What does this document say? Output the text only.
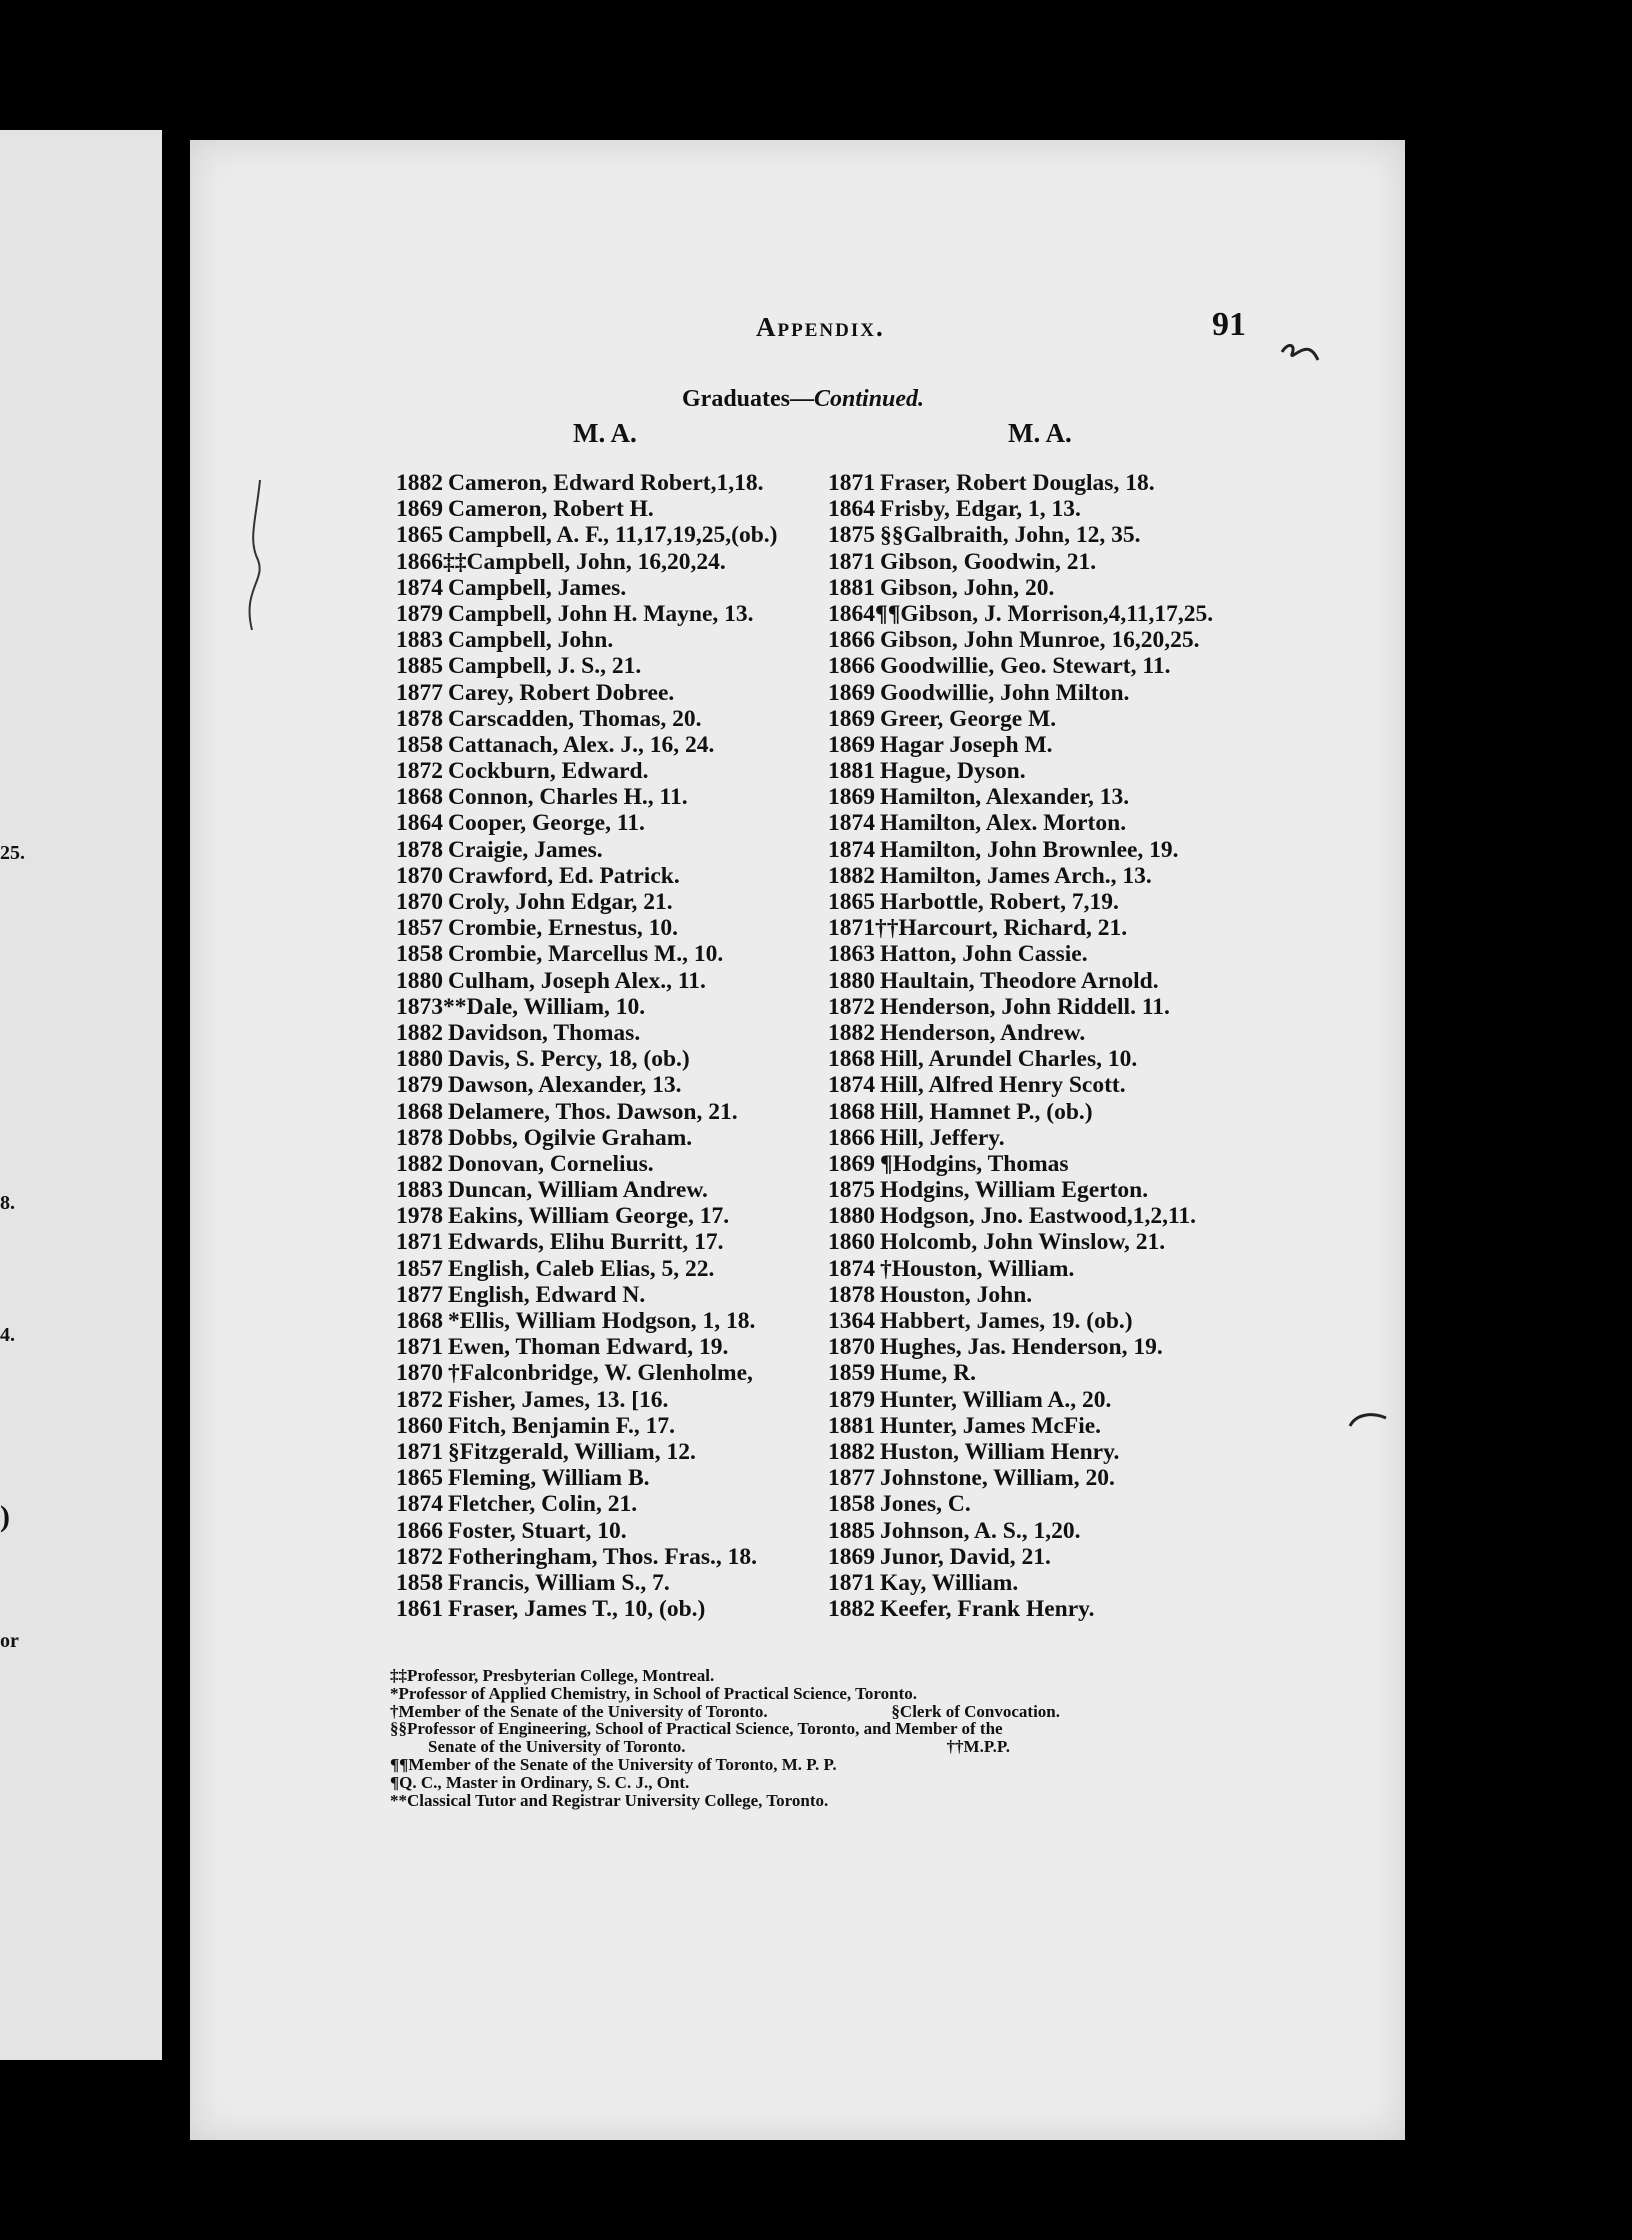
25.
8.
4.
)
or
Appendix.	91
Graduates—Continued.
M. A.	M. A.
1882 Cameron, Edward Robert,1,18.
1869 Cameron, Robert H.
1865 Campbell, A. F., 11,17,19,25,(ob.)
1866‡‡Campbell, John, 16,20,24.
1874 Campbell, James.
1879 Campbell, John H. Mayne, 13.
1883 Campbell, John.
1885 Campbell, J. S., 21.
1877 Carey, Robert Dobree.
1878 Carscadden, Thomas, 20.
1858 Cattanach, Alex. J., 16, 24.
1872 Cockburn, Edward.
1868 Connon, Charles H., 11.
1864 Cooper, George, 11.
1878 Craigie, James.
1870 Crawford, Ed. Patrick.
1870 Croly, John Edgar, 21.
1857 Crombie, Ernestus, 10.
1858 Crombie, Marcellus M., 10.
1880 Culham, Joseph Alex., 11.
1873**Dale, William, 10.
1882 Davidson, Thomas.
1880 Davis, S. Percy, 18, (ob.)
1879 Dawson, Alexander, 13.
1868 Delamere, Thos. Dawson, 21.
1878 Dobbs, Ogilvie Graham.
1882 Donovan, Cornelius.
1883 Duncan, William Andrew.
1978 Eakins, William George, 17.
1871 Edwards, Elihu Burritt, 17.
1857 English, Caleb Elias, 5, 22.
1877 English, Edward N.
1868 *Ellis, William Hodgson, 1, 18.
1871 Ewen, Thoman Edward, 19.
1870 †Falconbridge, W. Glenholme,
1872 Fisher, James, 13. [16.
1860 Fitch, Benjamin F., 17.
1871 §Fitzgerald, William, 12.
1865 Fleming, William B.
1874 Fletcher, Colin, 21.
1866 Foster, Stuart, 10.
1872 Fotheringham, Thos. Fras., 18.
1858 Francis, William S., 7.
1861 Fraser, James T., 10, (ob.)
1871 Fraser, Robert Douglas, 18.
1864 Frisby, Edgar, 1, 13.
1875 §§Galbraith, John, 12, 35.
1871 Gibson, Goodwin, 21.
1881 Gibson, John, 20.
1864¶¶Gibson, J. Morrison,4,11,17,25.
1866 Gibson, John Munroe, 16,20,25.
1866 Goodwillie, Geo. Stewart, 11.
1869 Goodwillie, John Milton.
1869 Greer, George M.
1869 Hagar Joseph M.
1881 Hague, Dyson.
1869 Hamilton, Alexander, 13.
1874 Hamilton, Alex. Morton.
1874 Hamilton, John Brownlee, 19.
1882 Hamilton, James Arch., 13.
1865 Harbottle, Robert, 7,19.
1871††Harcourt, Richard, 21.
1863 Hatton, John Cassie.
1880 Haultain, Theodore Arnold.
1872 Henderson, John Riddell. 11.
1882 Henderson, Andrew.
1868 Hill, Arundel Charles, 10.
1874 Hill, Alfred Henry Scott.
1868 Hill, Hamnet P., (ob.)
1866 Hill, Jeffery.
1869 ¶Hodgins, Thomas
1875 Hodgins, William Egerton.
1880 Hodgson, Jno. Eastwood,1,2,11.
1860 Holcomb, John Winslow, 21.
1874 †Houston, William.
1878 Houston, John.
1364 Habbert, James, 19. (ob.)
1870 Hughes, Jas. Henderson, 19.
1859 Hume, R.
1879 Hunter, William A., 20.
1881 Hunter, James McFie.
1882 Huston, William Henry.
1877 Johnstone, William, 20.
1858 Jones, C.
1885 Johnson, A. S., 1,20.
1869 Junor, David, 21.
1871 Kay, William.
1882 Keefer, Frank Henry.
‡‡Professor, Presbyterian College, Montreal.
*Professor of Applied Chemistry, in School of Practical Science, Toronto.
†Member of the Senate of the University of Toronto.	§Clerk of Convocation.
§§Professor of Engineering, School of Practical Science, Toronto, and Member of the
Senate of the University of Toronto.	††M.P.P.
¶¶Member of the Senate of the University of Toronto, M. P. P.
¶Q. C., Master in Ordinary, S. C. J., Ont.
**Classical Tutor and Registrar University College, Toronto.
